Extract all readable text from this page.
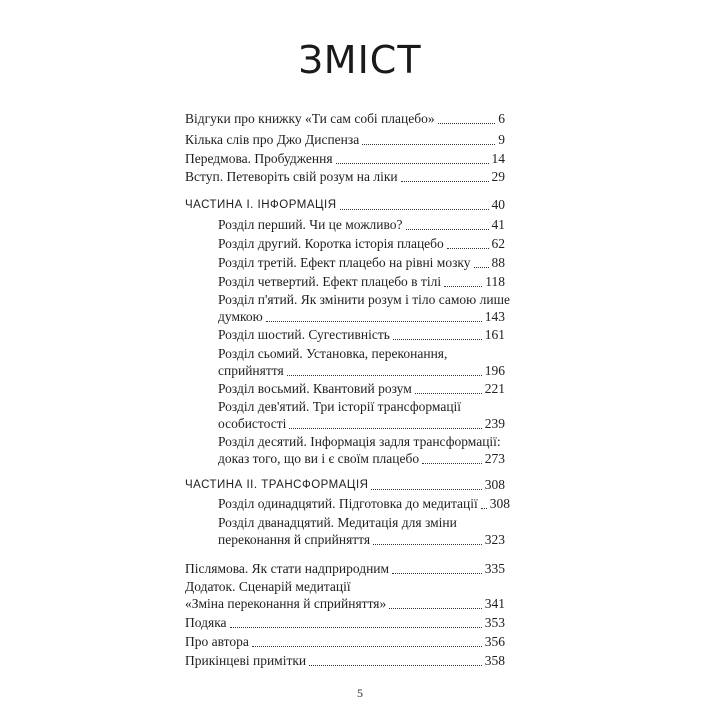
ЗМІСТ
Відгуки про книжку «Ти сам собі плацебо»	6
Кілька слів про Джо Диспенза	9
Передмова. Пробудження	14
Вступ. Петеворіть свій розум на ліки	29
ЧАСТИНА І. ІНФОРМАЦІЯ	40
Розділ перший. Чи це можливо?	41
Розділ другий. Коротка історія плацебо	62
Розділ третій. Ефект плацебо на рівні мозку 88
Розділ четвертий. Ефект плацебо в тілі	118
Розділ п'ятий. Як змінити розум і тіло самою лише
думкою	143
Розділ шостий. Сугестивність	161
Розділ сьомий. Установка, переконання,
сприйняття	196
Розділ восьмий. Квантовий розум	221
Розділ дев'ятий. Три історії трансформації
особистості	239
Розділ десятий. Інформація задля трансформації:
доказ того, що ви і є своїм плацебо	273
ЧАСТИНА ІІ. ТРАНСФОРМАЦІЯ	308
Розділ одинадцятий. Підготовка до медитації 308
Розділ дванадцятий. Медитація для зміни
переконання й сприйняття	323
Післямова. Як стати надприродним	335
Додаток. Сценарій медитації
«Зміна переконання й сприйняття»	341
Подяка	353
Про автора	356
Прикінцеві примітки	358
5
